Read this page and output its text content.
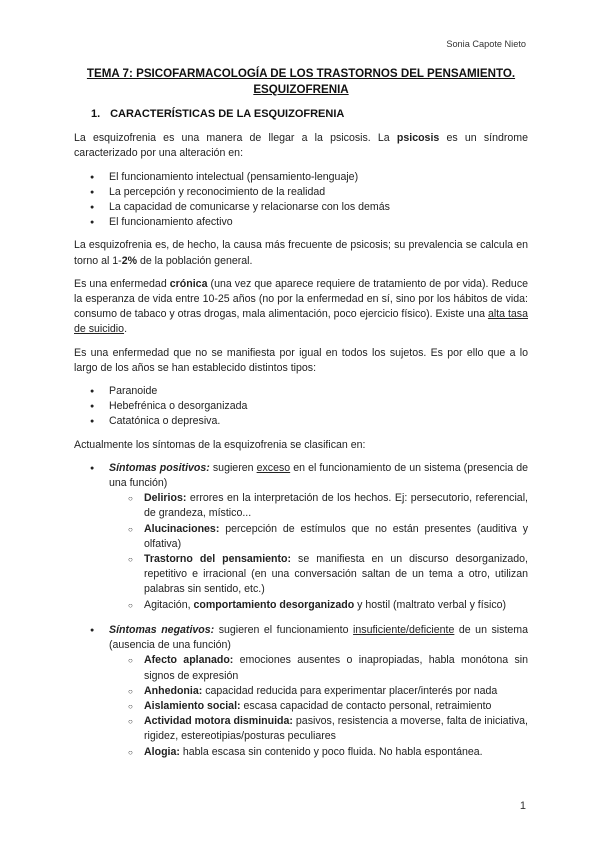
Sonia Capote Nieto
TEMA 7: PSICOFARMACOLOGÍA DE LOS TRASTORNOS DEL PENSAMIENTO.
ESQUIZOFRENIA
1. CARACTERÍSTICAS DE LA ESQUIZOFRENIA

La esquizofrenia es una manera de llegar a la psicosis. La psicosis es un síndrome caracterizado por una alteración en:

● El funcionamiento intelectual (pensamiento-lenguaje)
● La percepción y reconocimiento de la realidad
● La capacidad de comunicarse y relacionarse con los demás
● El funcionamiento afectivo

La esquizofrenia es, de hecho, la causa más frecuente de psicosis; su prevalencia se calcula en torno al 1-2% de la población general.

Es una enfermedad crónica (una vez que aparece requiere de tratamiento de por vida). Reduce la esperanza de vida entre 10-25 años (no por la enfermedad en sí, sino por los hábitos de vida: consumo de tabaco y otras drogas, mala alimentación, poco ejercicio físico). Existe una alta tasa de suicidio.

Es una enfermedad que no se manifiesta por igual en todos los sujetos. Es por ello que a lo largo de los años se han establecido distintos tipos:

● Paranoide
● Hebefrénica o desorganizada
● Catatónica o depresiva.

Actualmente los síntomas de la esquizofrenia se clasifican en:

● Síntomas positivos: sugieren exceso en el funcionamiento de un sistema (presencia de una función)
○ Delirios: errores en la interpretación de los hechos. Ej: persecutorio, referencial, de grandeza, místico...
○ Alucinaciones: percepción de estímulos que no están presentes (auditiva y olfativa)
○ Trastorno del pensamiento: se manifiesta en un discurso desorganizado, repetitivo e irracional (en una conversación saltan de un tema a otro, utilizan palabras sin sentido, etc.)
○ Agitación, comportamiento desorganizado y hostil (maltrato verbal y físico)
● Síntomas negativos: sugieren el funcionamiento insuficiente/deficiente de un sistema (ausencia de una función)
○ Afecto aplanado: emociones ausentes o inapropiadas, habla monótona sin signos de expresión
○ Anhedonia: capacidad reducida para experimentar placer/interés por nada
○ Aislamiento social: escasa capacidad de contacto personal, retraimiento
○ Actividad motora disminuida: pasivos, resistencia a moverse, falta de iniciativa, rigidez, estereotipias/posturas peculiares
○ Alogia: habla escasa sin contenido y poco fluida. No habla espontánea.
1
